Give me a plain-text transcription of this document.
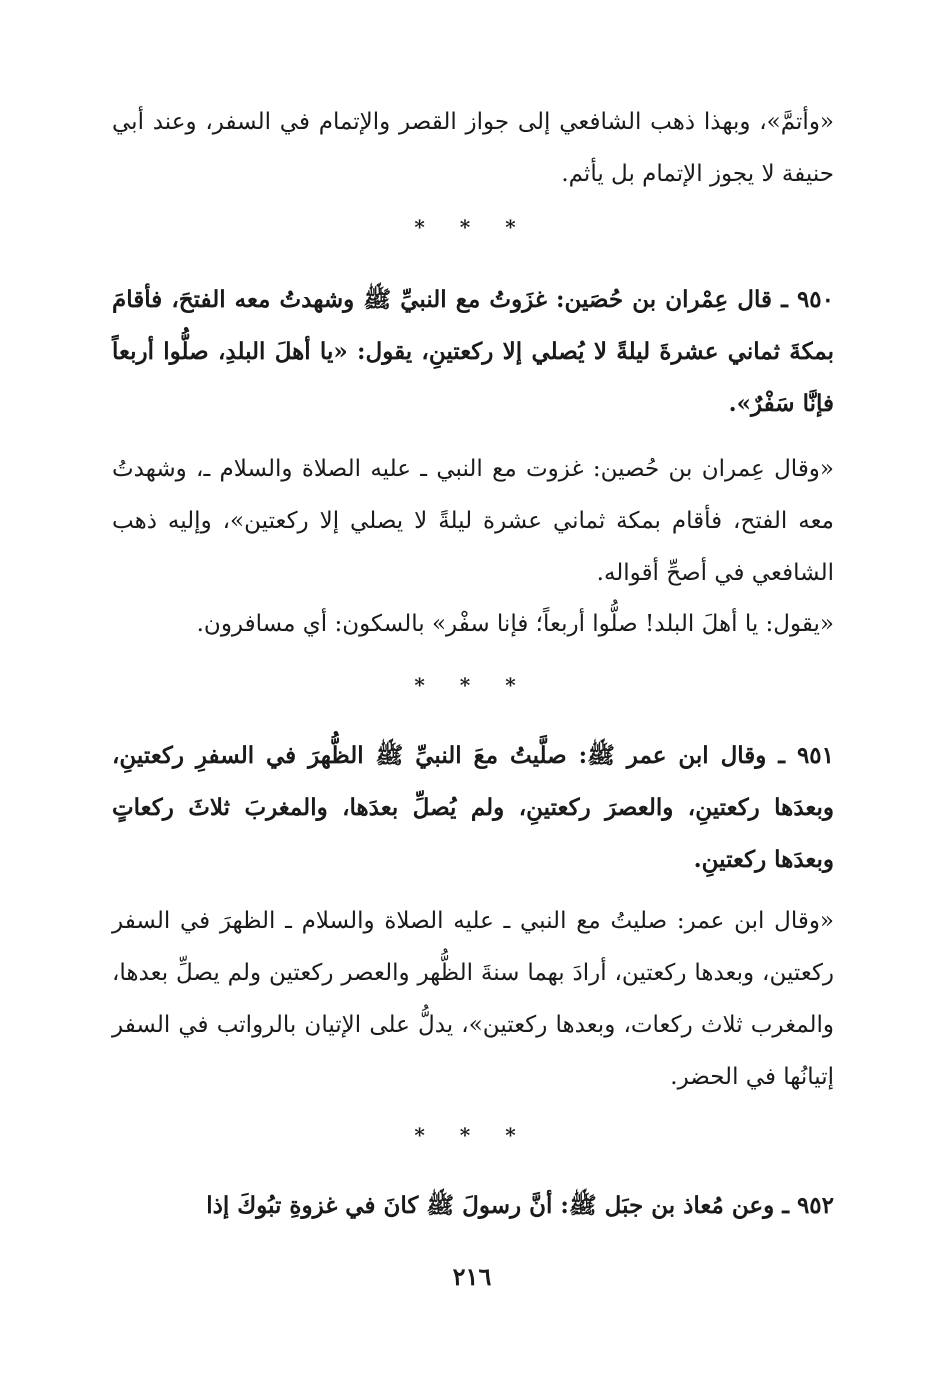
«وأتمَّ»، وبهذا ذهب الشافعي إلى جواز القصر والإتمام في السفر، وعند أبي حنيفة لا يجوز الإتمام بل يأثم.

* * *

٩٥٠ ـ قال عِمْران بن حُصَين: غزَوتُ مع النبيِّ ﷺ وشهدتُ معه الفتحَ، فأقامَ بمكةَ ثماني عشرةَ ليلةً لا يُصلي إلا ركعتينِ، يقول: «يا أهلَ البلدِ، صلُّوا أربعاً فإنَّا سَفْرٌ».

«وقال عِمران بن حُصين: غزوت مع النبي ـ عليه الصلاة والسلام ـ، وشهدتُ معه الفتح، فأقام بمكة ثماني عشرة ليلةً لا يصلي إلا ركعتين»، وإليه ذهب الشافعي في أصحِّ أقواله.

«يقول: يا أهلَ البلد! صلُّوا أربعاً؛ فإنا سفْر» بالسكون: أي مسافرون.

* * *

٩٥١ ـ وقال ابن عمر ﷺ: صلَّيتُ معَ النبيِّ ﷺ الظُّهرَ في السفرِ ركعتينِ، وبعدَها ركعتينِ، والعصرَ ركعتينِ، ولم يُصلِّ بعدَها، والمغربَ ثلاثَ ركعاتٍ وبعدَها ركعتينِ.

«وقال ابن عمر: صليتُ مع النبي ـ عليه الصلاة والسلام ـ الظهرَ في السفر ركعتين، وبعدها ركعتين، أرادَ بهما سنةَ الظُّهر والعصر ركعتين ولم يصلِّ بعدها، والمغرب ثلاث ركعات، وبعدها ركعتين»، يدلُّ على الإتيان بالرواتب في السفر إتيانُها في الحضر.

* * *

٩٥٢ ـ وعن مُعاذ بن جبَل ﷺ: أنَّ رسولَ ﷺ كانَ في غزوةِ تبُوكَ إذا

٢١٦
